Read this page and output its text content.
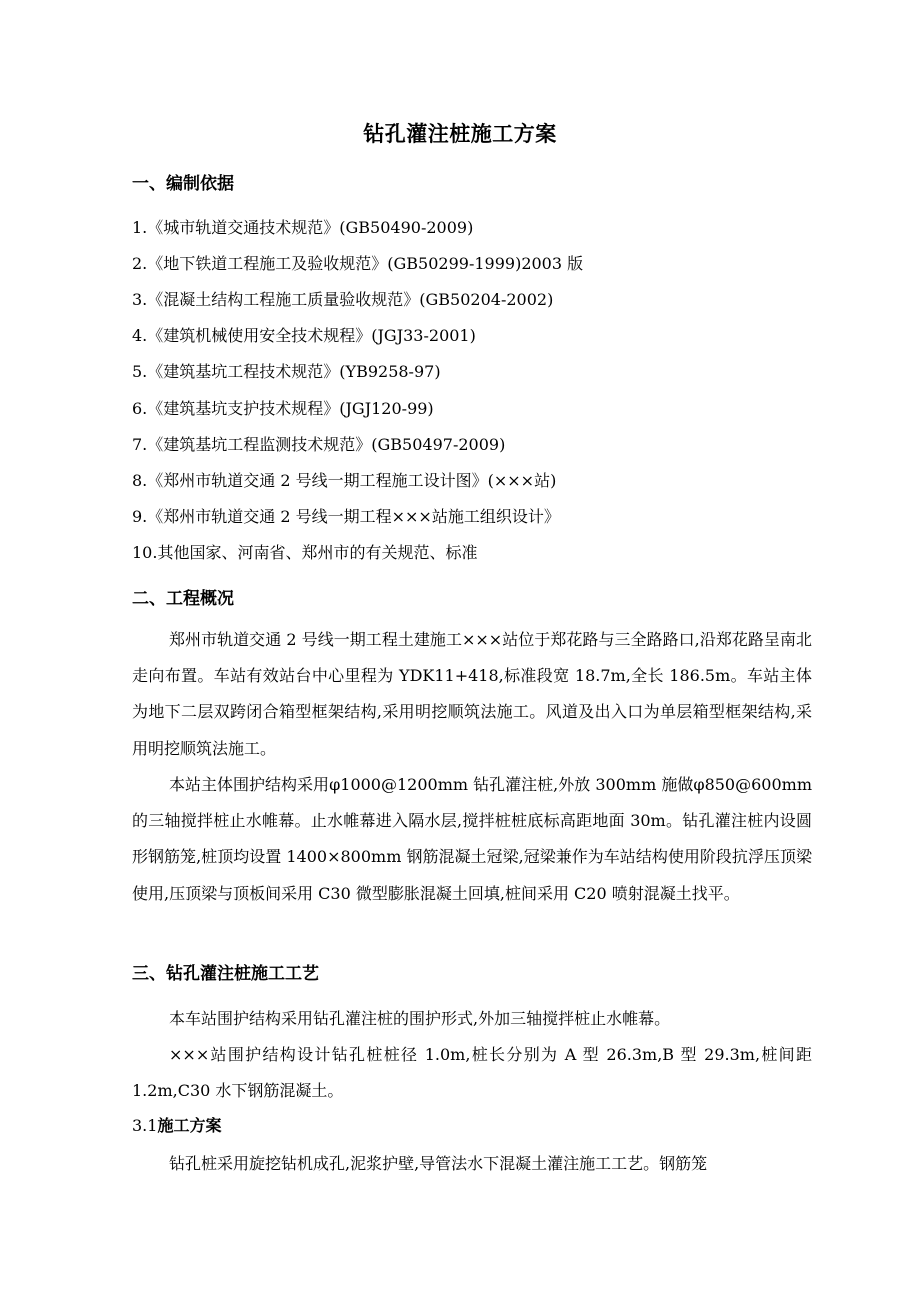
钻孔灌注桩施工方案
一、编制依据
1.《城市轨道交通技术规范》(GB50490-2009)
2.《地下铁道工程施工及验收规范》(GB50299-1999)2003 版
3.《混凝土结构工程施工质量验收规范》(GB50204-2002)
4.《建筑机械使用安全技术规程》(JGJ33-2001)
5.《建筑基坑工程技术规范》(YB9258-97)
6.《建筑基坑支护技术规程》(JGJ120-99)
7.《建筑基坑工程监测技术规范》(GB50497-2009)
8.《郑州市轨道交通 2 号线一期工程施工设计图》(×××站)
9.《郑州市轨道交通 2 号线一期工程×××站施工组织设计》
10.其他国家、河南省、郑州市的有关规范、标准
二、工程概况
郑州市轨道交通 2 号线一期工程土建施工×××站位于郑花路与三全路路口,沿郑花路呈南北走向布置。车站有效站台中心里程为 YDK11+418,标准段宽 18.7m,全长 186.5m。车站主体为地下二层双跨闭合箱型框架结构,采用明挖顺筑法施工。风道及出入口为单层箱型框架结构,采用明挖顺筑法施工。
本站主体围护结构采用φ1000@1200mm 钻孔灌注桩,外放 300mm 施做φ850@600mm 的三轴搅拌桩止水帷幕。止水帷幕进入隔水层,搅拌桩桩底标高距地面 30m。钻孔灌注桩内设圆形钢筋笼,桩顶均设置 1400×800mm 钢筋混凝土冠梁,冠梁兼作为车站结构使用阶段抗浮压顶梁使用,压顶梁与顶板间采用 C30 微型膨胀混凝土回填,桩间采用 C20 喷射混凝土找平。
三、钻孔灌注桩施工工艺
本车站围护结构采用钻孔灌注桩的围护形式,外加三轴搅拌桩止水帷幕。
×××站围护结构设计钻孔桩桩径 1.0m,桩长分别为 A 型 26.3m,B 型 29.3m,桩间距 1.2m,C30 水下钢筋混凝土。
3.1施工方案
钻孔桩采用旋挖钻机成孔,泥浆护壁,导管法水下混凝土灌注施工工艺。钢筋笼
